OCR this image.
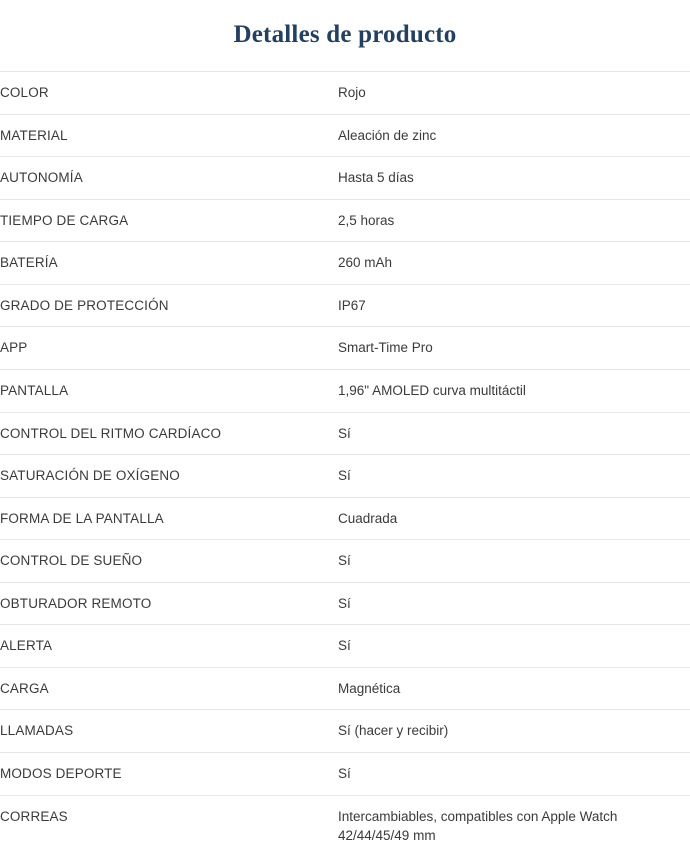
Detalles de producto
COLOR	Rojo
MATERIAL	Aleación de zinc
AUTONOMÍA	Hasta 5 días
TIEMPO DE CARGA	2,5 horas
BATERÍA	260 mAh
GRADO DE PROTECCIÓN	IP67
APP	Smart-Time Pro
PANTALLA	1,96" AMOLED curva multitáctil
CONTROL DEL RITMO CARDÍACO	Sí
SATURACIÓN DE OXÍGENO	Sí
FORMA DE LA PANTALLA	Cuadrada
CONTROL DE SUEÑO	Sí
OBTURADOR REMOTO	Sí
ALERTA	Sí
CARGA	Magnética
LLAMADAS	Sí (hacer y recibir)
MODOS DEPORTE	Sí
CORREAS	Intercambiables, compatibles con Apple Watch 42/44/45/49 mm
